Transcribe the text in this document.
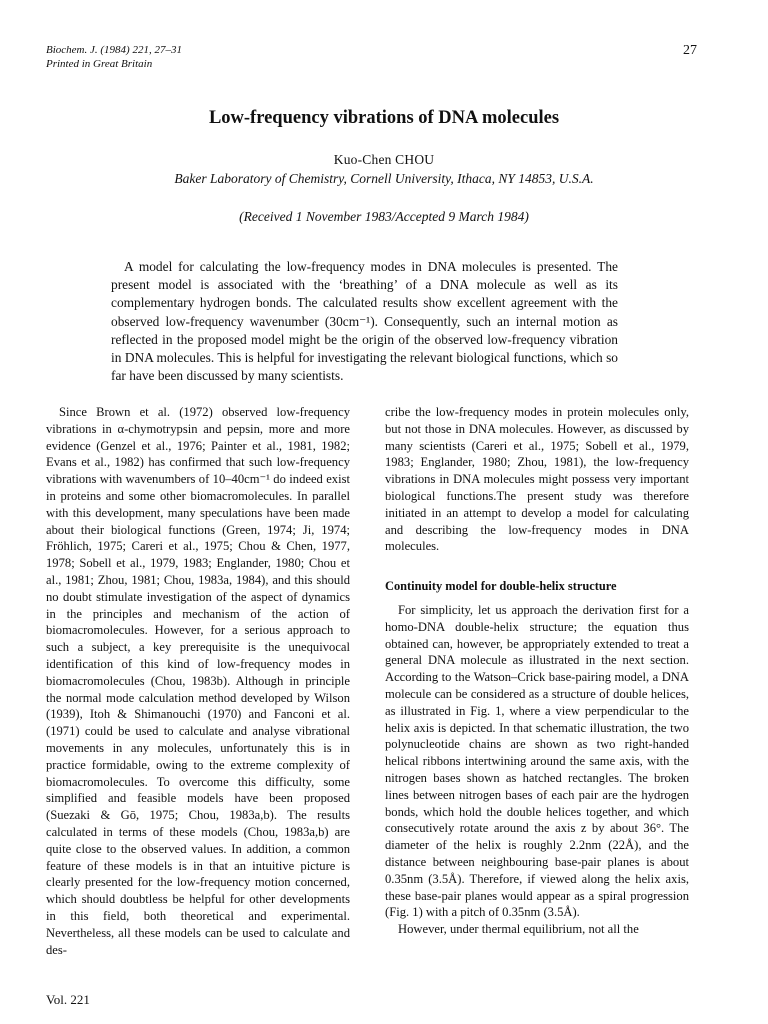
Biochem. J. (1984) 221, 27–31
Printed in Great Britain
27
Low-frequency vibrations of DNA molecules
Kuo-Chen CHOU
Baker Laboratory of Chemistry, Cornell University, Ithaca, NY 14853, U.S.A.
(Received 1 November 1983/Accepted 9 March 1984)
A model for calculating the low-frequency modes in DNA molecules is presented. The present model is associated with the ‘breathing’ of a DNA molecule as well as its complementary hydrogen bonds. The calculated results show excellent agreement with the observed low-frequency wavenumber (30cm⁻¹). Consequently, such an internal motion as reflected in the proposed model might be the origin of the observed low-frequency vibration in DNA molecules. This is helpful for investigating the relevant biological functions, which so far have been discussed by many scientists.

Since Brown et al. (1972) observed low-frequency vibrations in α-chymotrypsin and pepsin, more and more evidence (Genzel et al., 1976; Painter et al., 1981, 1982; Evans et al., 1982) has confirmed that such low-frequency vibrations with wavenumbers of 10–40cm⁻¹ do indeed exist in proteins and some other biomacromolecules. In parallel with this development, many speculations have been made about their biological functions (Green, 1974; Ji, 1974; Fröhlich, 1975; Careri et al., 1975; Chou & Chen, 1977, 1978; Sobell et al., 1979, 1983; Englander, 1980; Chou et al., 1981; Zhou, 1981; Chou, 1983a, 1984), and this should no doubt stimulate investigation of the aspect of dynamics in the principles and mechanism of the action of biomacromolecules. However, for a serious approach to such a subject, a key prerequisite is the unequivocal identification of this kind of low-frequency modes in biomacromolecules (Chou, 1983b). Although in principle the normal mode calculation method developed by Wilson (1939), Itoh & Shimanouchi (1970) and Fanconi et al. (1971) could be used to calculate and analyse vibrational movements in any molecules, unfortunately this is in practice formidable, owing to the extreme complexity of biomacromolecules. To overcome this difficulty, some simplified and feasible models have been proposed (Suezaki & Gō, 1975; Chou, 1983a,b). The results calculated in terms of these models (Chou, 1983a,b) are quite close to the observed values. In addition, a common feature of these models is in that an intuitive picture is clearly presented for the low-frequency motion concerned, which should doubtless be helpful for other developments in this field, both theoretical and experimental. Nevertheless, all these models can be used to calculate and des-

cribe the low-frequency modes in protein molecules only, but not those in DNA molecules. However, as discussed by many scientists (Careri et al., 1975; Sobell et al., 1979, 1983; Englander, 1980; Zhou, 1981), the low-frequency vibrations in DNA molecules might possess very important biological functions.The present study was therefore initiated in an attempt to develop a model for calculating and describing the low-frequency modes in DNA molecules.

Continuity model for double-helix structure

For simplicity, let us approach the derivation first for a homo-DNA double-helix structure; the equation thus obtained can, however, be appropriately extended to treat a general DNA molecule as illustrated in the next section. According to the Watson–Crick base-pairing model, a DNA molecule can be considered as a structure of double helices, as illustrated in Fig. 1, where a view perpendicular to the helix axis is depicted. In that schematic illustration, the two polynucleotide chains are shown as two right-handed helical ribbons intertwining around the same axis, with the nitrogen bases shown as hatched rectangles. The broken lines between nitrogen bases of each pair are the hydrogen bonds, which hold the double helices together, and which consecutively rotate around the axis z by about 36°. The diameter of the helix is roughly 2.2nm (22Å), and the distance between neighbouring base-pair planes is about 0.35nm (3.5Å). Therefore, if viewed along the helix axis, these base-pair planes would appear as a spiral progression (Fig. 1) with a pitch of 0.35nm (3.5Å).

However, under thermal equilibrium, not all the

Vol. 221
